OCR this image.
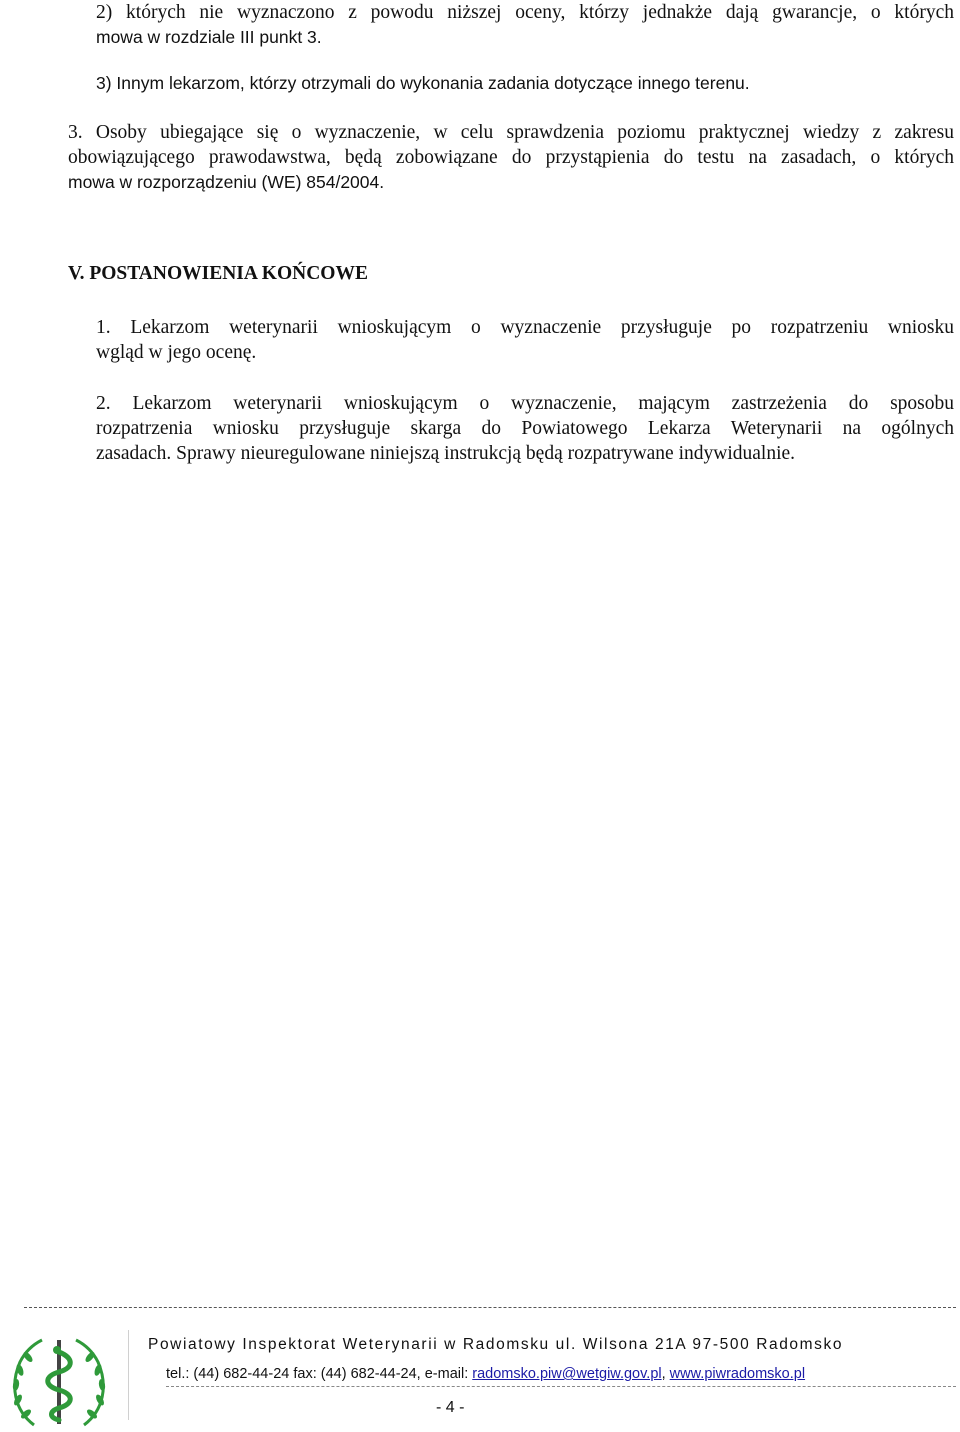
2) których nie wyznaczono z powodu niższej oceny, którzy jednakże dają gwarancje, o których
mowa w rozdziale III punkt 3.
3) Innym lekarzom, którzy otrzymali do wykonania zadania dotyczące innego terenu.
3. Osoby ubiegające się o wyznaczenie, w celu sprawdzenia poziomu praktycznej wiedzy z zakresu
obowiązującego prawodawstwa, będą zobowiązane do przystąpienia do testu na zasadach, o których
mowa w rozporządzeniu (WE) 854/2004.
V. POSTANOWIENIA KOŃCOWE
1. Lekarzom weterynarii wnioskującym o wyznaczenie przysługuje po rozpatrzeniu wniosku
wgląd w jego ocenę.
2. Lekarzom weterynarii wnioskującym o wyznaczenie, mającym zastrzeżenia do sposobu
rozpatrzenia wniosku przysługuje skarga do Powiatowego Lekarza Weterynarii na ogólnych
zasadach. Sprawy nieuregulowane niniejszą instrukcją będą rozpatrywane indywidualnie.
Powiatowy Inspektorat Weterynarii w Radomsku ul. Wilsona 21A 97-500 Radomsko
tel.: (44) 682-44-24 fax: (44) 682-44-24, e-mail: radomsko.piw@wetgiw.gov.pl, www.piwradomsko.pl
- 4 -
